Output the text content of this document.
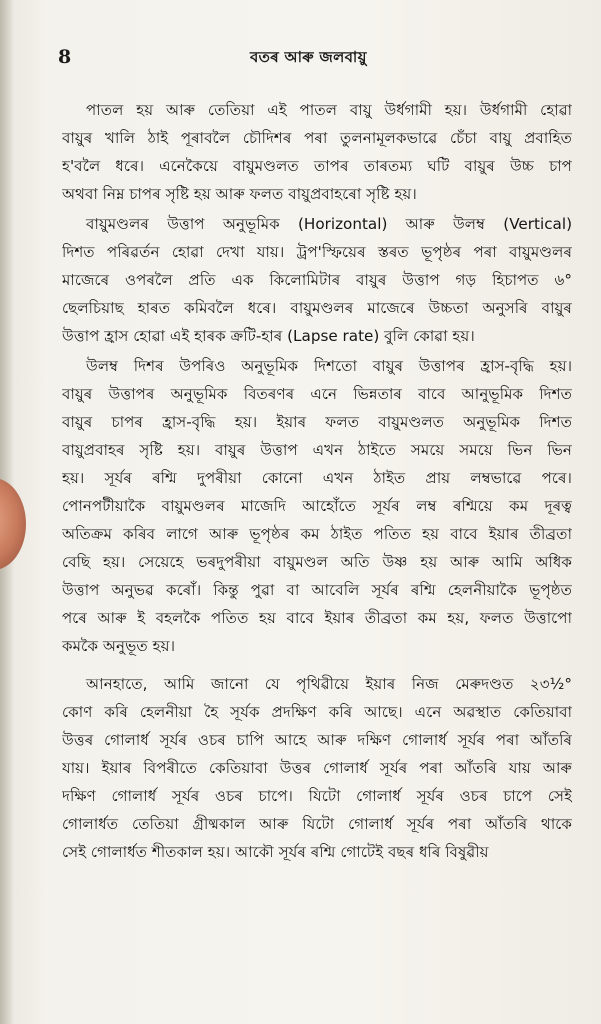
8	বতৰ আৰু জলবায়ু
পাতল হয় আৰু তেতিয়া এই পাতল বায়ু উৰ্ধগামী হয়। উৰ্ধগামী হোৱা
বায়ুৰ খালি ঠাই পূৰাবলৈ চৌদিশৰ পৰা তুলনামূলকভাৱে চেঁচা বায়ু প্ৰবাহিত
হ'বলৈ ধৰে। এনেকৈয়ে বায়ুমণ্ডলত তাপৰ তাৰতম্য ঘটি বায়ুৰ উচ্চ চাপ
অথবা নিম্ন চাপৰ সৃষ্টি হয় আৰু ফলত বায়ুপ্ৰবাহৰো সৃষ্টি হয়।
বায়ুমণ্ডলৰ উত্তাপ অনুভূমিক (Horizontal) আৰু উলম্ব (Vertical)
দিশত পৰিৱৰ্তন হোৱা দেখা যায়। ট্ৰপ'স্ফিয়েৰ স্তৰত ভূপৃষ্ঠৰ পৰা বায়ুমণ্ডলৰ
মাজেৰে ওপৰলৈ প্ৰতি এক কিলোমিটাৰ বায়ুৰ উত্তাপ গড় হিচাপত ৬°
ছেলচিয়াছ হাৰত কমিবলৈ ধৰে। বায়ুমণ্ডলৰ মাজেৰে উচ্চতা অনুসৰি বায়ুৰ
উত্তাপ হ্ৰাস হোৱা এই হাৰক ক্ৰটি-হাৰ (Lapse rate) বুলি কোৱা হয়।
উলম্ব দিশৰ উপৰিও অনুভূমিক দিশতো বায়ুৰ উত্তাপৰ হ্ৰাস-বৃদ্ধি হয়।
বায়ুৰ উত্তাপৰ অনুভূমিক বিতৰণৰ এনে ভিন্নতাৰ বাবে আনুভূমিক দিশত
বায়ুৰ চাপৰ হ্ৰাস-বৃদ্ধি হয়। ইয়াৰ ফলত বায়ুমণ্ডলত অনুভূমিক দিশত
বায়ুপ্ৰবাহৰ সৃষ্টি হয়। বায়ুৰ উত্তাপ এখন ঠাইতে সময়ে সময়ে ভিন ভিন
হয়। সূৰ্যৰ ৰশ্মি দুপৰীয়া কোনো এখন ঠাইত প্ৰায় লম্বভাৱে পৰে।
পোনপটীয়াকৈ বায়ুমণ্ডলৰ মাজেদি আহোঁতে সূৰ্যৰ লম্ব ৰশ্মিয়ে কম দূৰত্ব
অতিক্ৰম কৰিব লাগে আৰু ভূপৃষ্ঠৰ কম ঠাইত পতিত হয় বাবে ইয়াৰ তীব্ৰতা
বেছি হয়। সেয়েহে ভৰদুপৰীয়া বায়ুমণ্ডল অতি উষ্ণ হয় আৰু আমি অধিক
উত্তাপ অনুভৱ কৰোঁ। কিন্তু পুৱা বা আবেলি সূৰ্যৰ ৰশ্মি হেলনীয়াকৈ ভূপৃষ্ঠত
পৰে আৰু ই বহলকৈ পতিত হয় বাবে ইয়াৰ তীব্ৰতা কম হয়, ফলত উত্তাপো
কমকৈ অনুভূত হয়।
আনহাতে, আমি জানো যে পৃথিৱীয়ে ইয়াৰ নিজ মেৰুদণ্ডত ২৩½°
কোণ কৰি হেলনীয়া হৈ সূৰ্যক প্ৰদক্ষিণ কৰি আছে। এনে অৱস্থাত কেতিয়াবা
উত্তৰ গোলাৰ্ধ সূৰ্যৰ ওচৰ চাপি আহে আৰু দক্ষিণ গোলাৰ্ধ সূৰ্যৰ পৰা আঁতৰি
যায়। ইয়াৰ বিপৰীতে কেতিয়াবা উত্তৰ গোলাৰ্ধ সূৰ্যৰ পৰা আঁতৰি যায় আৰু
দক্ষিণ গোলাৰ্ধ সূৰ্যৰ ওচৰ চাপে। যিটো গোলাৰ্ধ সূৰ্যৰ ওচৰ চাপে সেই
গোলাৰ্ধত তেতিয়া গ্ৰীষ্মকাল আৰু যিটো গোলাৰ্ধ সূৰ্যৰ পৰা আঁতৰি থাকে
সেই গোলাৰ্ধত শীতকাল হয়। আকৌ সূৰ্যৰ ৰশ্মি গোটেই বছৰ ধৰি বিষুৱীয়
